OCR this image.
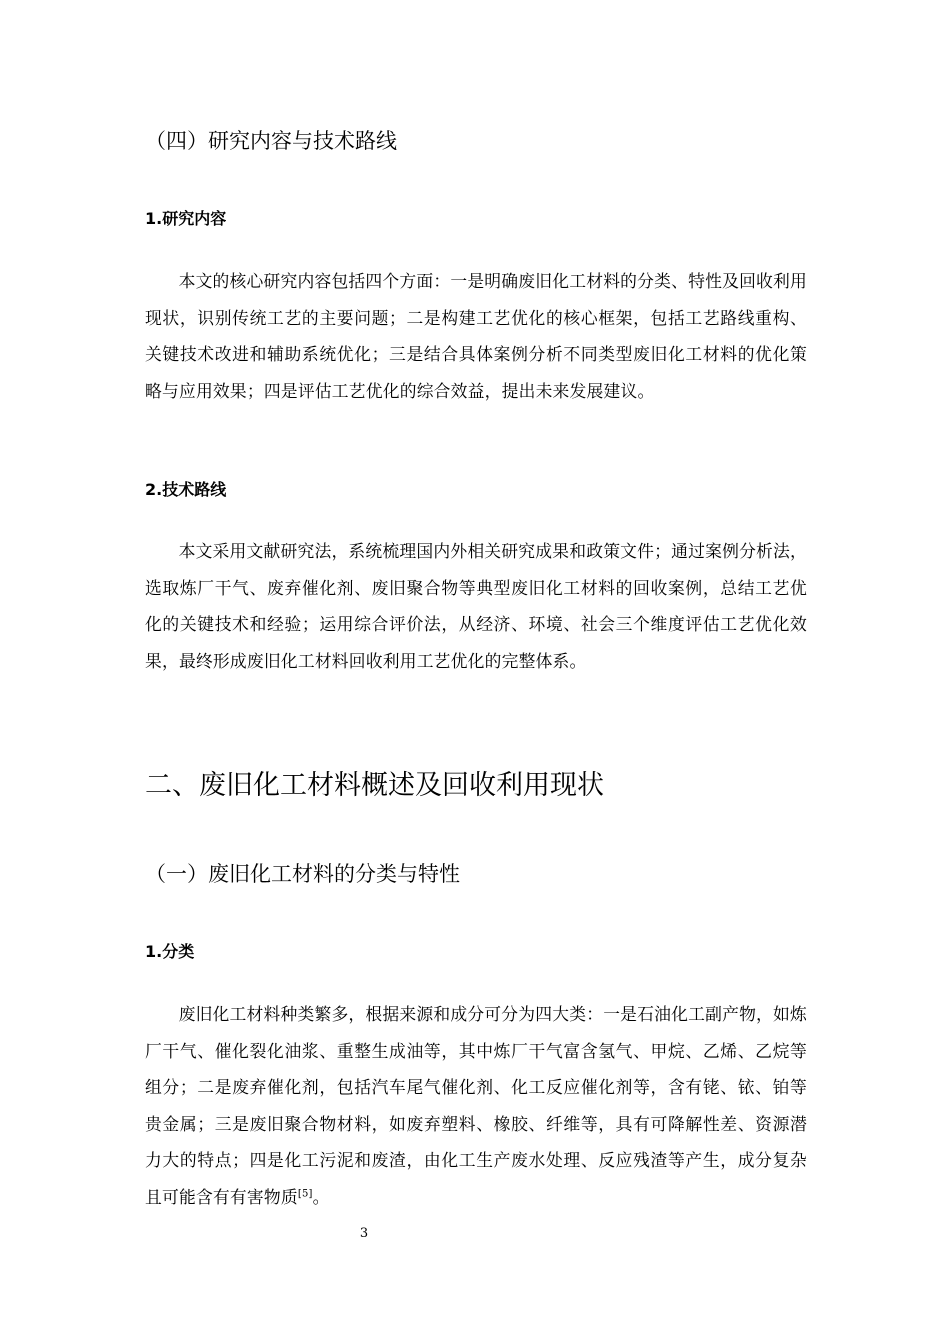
（四）研究内容与技术路线
1.研究内容

本文的核心研究内容包括四个方面：一是明确废旧化工材料的分类、特性及回收利用现状，识别传统工艺的主要问题；二是构建工艺优化的核心框架，包括工艺路线重构、关键技术改进和辅助系统优化；三是结合具体案例分析不同类型废旧化工材料的优化策略与应用效果；四是评估工艺优化的综合效益，提出未来发展建议。

2.技术路线

本文采用文献研究法，系统梳理国内外相关研究成果和政策文件；通过案例分析法，选取炼厂干气、废弃催化剂、废旧聚合物等典型废旧化工材料的回收案例，总结工艺优化的关键技术和经验；运用综合评价法，从经济、环境、社会三个维度评估工艺优化效果，最终形成废旧化工材料回收利用工艺优化的完整体系。

二、废旧化工材料概述及回收利用现状
（一）废旧化工材料的分类与特性
1.分类

废旧化工材料种类繁多，根据来源和成分可分为四大类：一是石油化工副产物，如炼厂干气、催化裂化油浆、重整生成油等，其中炼厂干气富含氢气、甲烷、乙烯、乙烷等组分；二是废弃催化剂，包括汽车尾气催化剂、化工反应催化剂等，含有铑、铱、铂等贵金属；三是废旧聚合物材料，如废弃塑料、橡胶、纤维等，具有可降解性差、资源潜力大的特点；四是化工污泥和废渣，由化工生产废水处理、反应残渣等产生，成分复杂且可能含有有害物质[5]。

3
